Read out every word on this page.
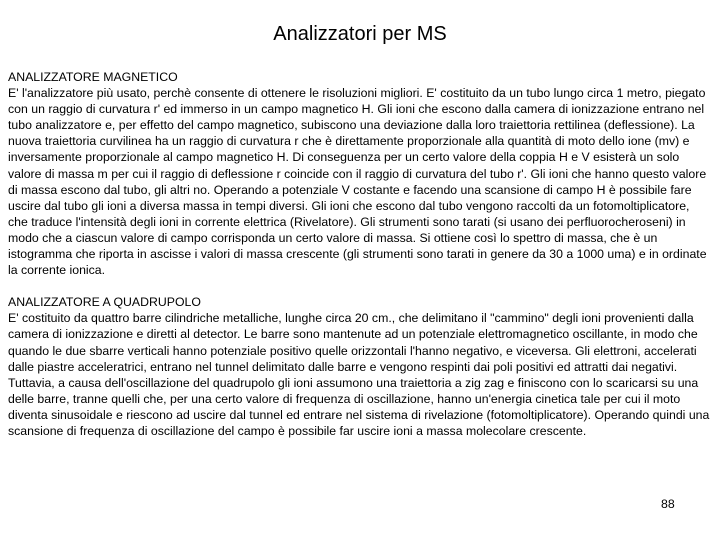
Analizzatori per MS
ANALIZZATORE MAGNETICO

E' l'analizzatore più usato, perchè consente di ottenere le risoluzioni migliori. E' costituito da un tubo lungo circa 1 metro, piegato con un raggio di curvatura r' ed immerso in un campo magnetico H. Gli ioni che escono dalla camera di ionizzazione entrano nel tubo analizzatore e, per effetto del campo magnetico, subiscono una deviazione dalla loro traiettoria rettilinea (deflessione). La nuova traiettoria curvilinea ha un raggio di curvatura r che è direttamente proporzionale alla quantità di moto dello ione (mv) e inversamente proporzionale al campo magnetico H. Di conseguenza per un certo valore della coppia H e V esisterà un solo valore di massa m per cui il raggio di deflessione r coincide con il raggio di curvatura del tubo r'. Gli ioni che hanno questo valore di massa escono dal tubo, gli altri no. Operando a potenziale V costante e facendo una scansione di campo H è possibile fare uscire dal tubo gli ioni a diversa massa in tempi diversi. Gli ioni che escono dal tubo vengono raccolti da un fotomoltiplicatore, che traduce l'intensità degli ioni in corrente elettrica (Rivelatore). Gli strumenti sono tarati (si usano dei perfluorocheroseni) in modo che a ciascun valore di campo corrisponda un certo valore di massa. Si ottiene così lo spettro di massa, che è un istogramma che riporta in ascisse i valori di massa crescente (gli strumenti sono tarati in genere da 30 a 1000 uma) e in ordinate la corrente ionica.

ANALIZZATORE A QUADRUPOLO

E' costituito da quattro barre cilindriche metalliche, lunghe circa 20 cm., che delimitano il "cammino" degli ioni provenienti dalla camera di ionizzazione e diretti al detector. Le barre sono mantenute ad un potenziale elettromagnetico oscillante, in modo che quando le due sbarre verticali hanno potenziale positivo quelle orizzontali l'hanno negativo, e viceversa. Gli elettroni, accelerati dalle piastre acceleratrici, entrano nel tunnel delimitato dalle barre e vengono respinti dai poli positivi ed attratti dai negativi. Tuttavia, a causa dell'oscillazione del quadrupolo gli ioni assumono una traiettoria a zig zag e finiscono con lo scaricarsi su una delle barre, tranne quelli che, per una certo valore di frequenza di oscillazione, hanno un'energia cinetica tale per cui il moto diventa sinusoidale e riescono ad uscire dal tunnel ed entrare nel sistema di rivelazione (fotomoltiplicatore). Operando quindi una scansione di frequenza di oscillazione del campo è possibile far uscire ioni a massa molecolare crescente.

88
